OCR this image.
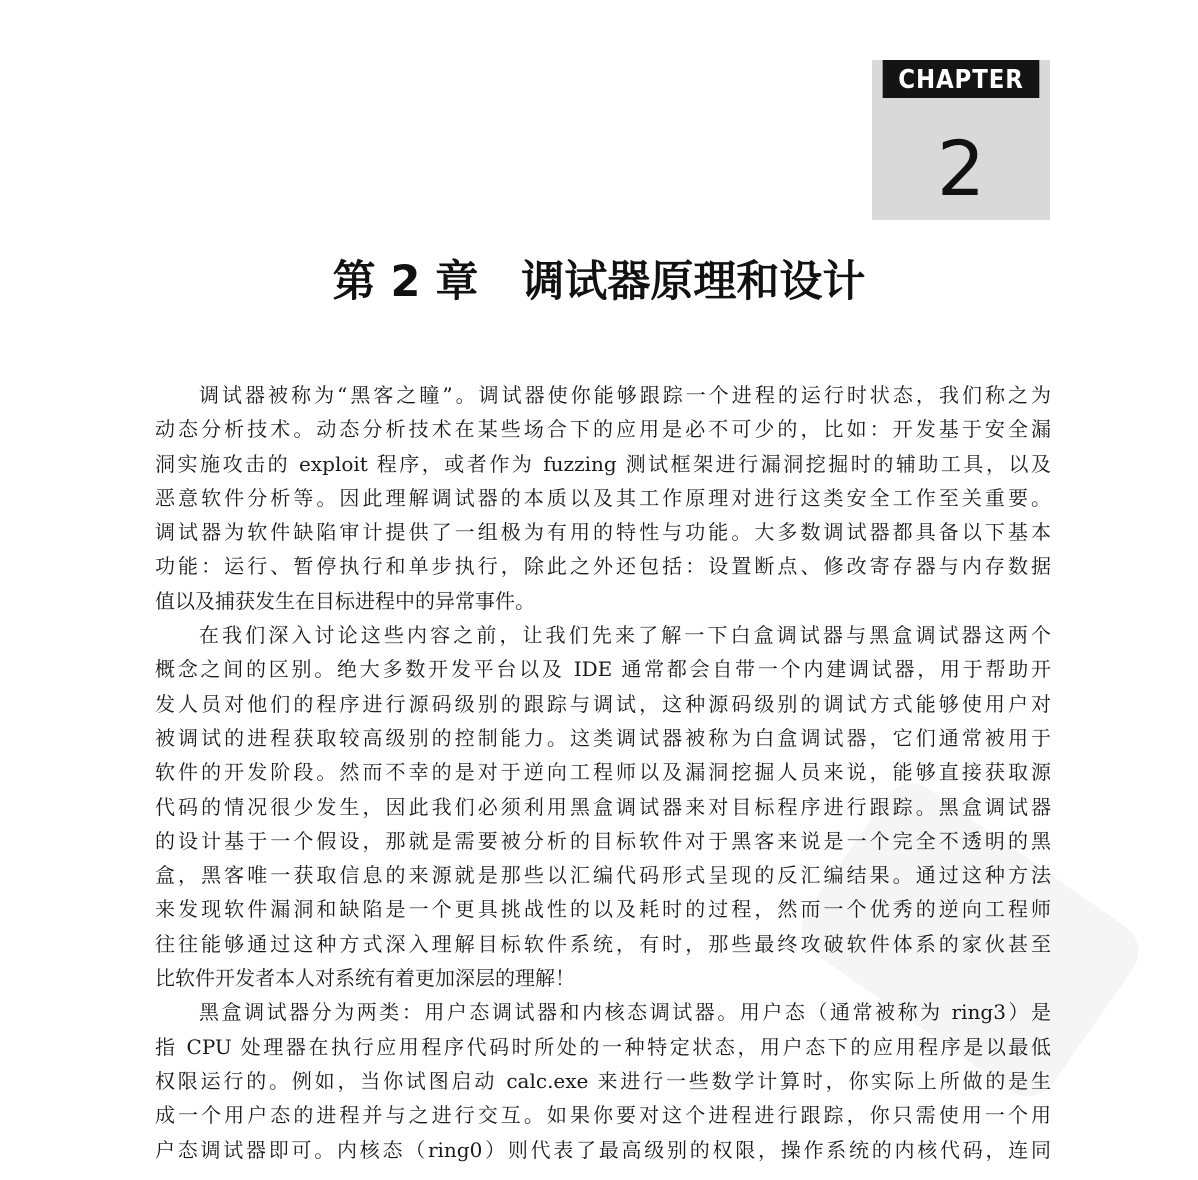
CHAPTER
2
第 2 章　调试器原理和设计
调试器被称为“黑客之瞳”。调试器使你能够跟踪一个进程的运行时状态，我们称之为
动态分析技术。动态分析技术在某些场合下的应用是必不可少的，比如：开发基于安全漏
洞实施攻击的 exploit 程序，或者作为 fuzzing 测试框架进行漏洞挖掘时的辅助工具，以及
恶意软件分析等。因此理解调试器的本质以及其工作原理对进行这类安全工作至关重要。
调试器为软件缺陷审计提供了一组极为有用的特性与功能。大多数调试器都具备以下基本
功能：运行、暂停执行和单步执行，除此之外还包括：设置断点、修改寄存器与内存数据
值以及捕获发生在目标进程中的异常事件。
在我们深入讨论这些内容之前，让我们先来了解一下白盒调试器与黑盒调试器这两个
概念之间的区别。绝大多数开发平台以及 IDE 通常都会自带一个内建调试器，用于帮助开
发人员对他们的程序进行源码级别的跟踪与调试，这种源码级别的调试方式能够使用户对
被调试的进程获取较高级别的控制能力。这类调试器被称为白盒调试器，它们通常被用于
软件的开发阶段。然而不幸的是对于逆向工程师以及漏洞挖掘人员来说，能够直接获取源
代码的情况很少发生，因此我们必须利用黑盒调试器来对目标程序进行跟踪。黑盒调试器
的设计基于一个假设，那就是需要被分析的目标软件对于黑客来说是一个完全不透明的黑
盒，黑客唯一获取信息的来源就是那些以汇编代码形式呈现的反汇编结果。通过这种方法
来发现软件漏洞和缺陷是一个更具挑战性的以及耗时的过程，然而一个优秀的逆向工程师
往往能够通过这种方式深入理解目标软件系统，有时，那些最终攻破软件体系的家伙甚至
比软件开发者本人对系统有着更加深层的理解！
黑盒调试器分为两类：用户态调试器和内核态调试器。用户态（通常被称为 ring3）是
指 CPU 处理器在执行应用程序代码时所处的一种特定状态，用户态下的应用程序是以最低
权限运行的。例如，当你试图启动 calc.exe 来进行一些数学计算时，你实际上所做的是生
成一个用户态的进程并与之进行交互。如果你要对这个进程进行跟踪，你只需使用一个用
户态调试器即可。内核态（ring0）则代表了最高级别的权限，操作系统的内核代码，连同
